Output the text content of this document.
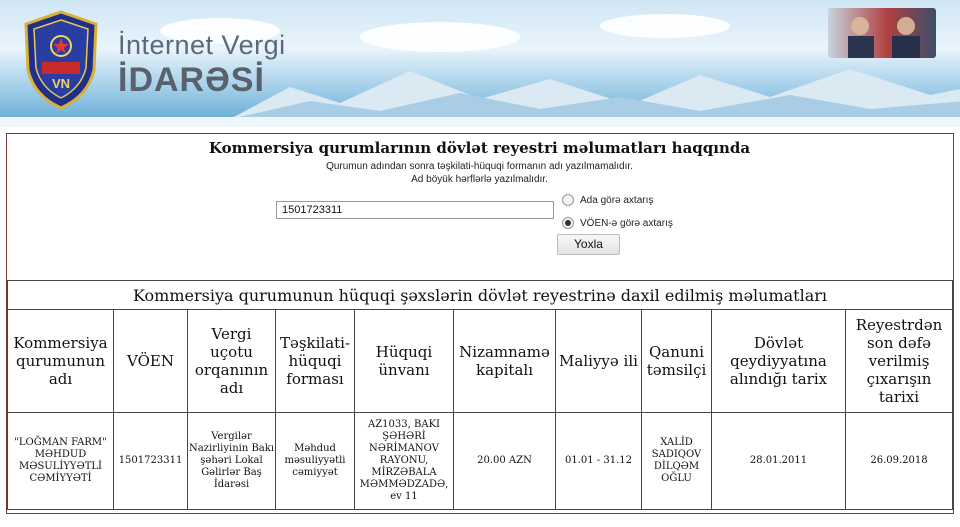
VN
İnternet Vergi
İDARƏSİ
Kommersiya qurumlarının dövlət reyestri məlumatları haqqında
Qurumun adından sonra təşkilati-hüquqi formanın adı yazılmamalıdır.
Ad böyük hərflərlə yazılmalıdır.
1501723311
Ada görə axtarış
VÖEN-ə görə axtarış
Yoxla
Kommersiya qurumunun hüquqi şəxslərin dövlət reyestrinə daxil edilmiş məlumatları									
Kommersiya qurumunun adı	VÖEN	Vergi uçotu orqanının adı	Təşkilati-hüquqi forması	Hüquqi ünvanı	Nizamnamə kapitalı	Maliyyə ili	Qanuni təmsilçi	Dövlət qeydiyyatına alındığı tarix	Reyestrdən son dəfə verilmiş çıxarışın tarixi
"LOĞMAN FARM" MƏHDUD MƏSULİYYƏTLİ CƏMİYYƏTİ	1501723311	Vergilər Nazirliyinin Bakı şəhəri Lokal Gəlirlər Baş İdarəsi	Məhdud məsuliyyətli cəmiyyət	AZ1033, BAKI ŞƏHƏRİ NƏRİMANOV RAYONU, MİRZƏBALA MƏMMƏDZADƏ, ev 11	20.00 AZN	01.01 - 31.12	XALİD SADIQOV DİLQƏM OĞLU	28.01.2011	26.09.2018
